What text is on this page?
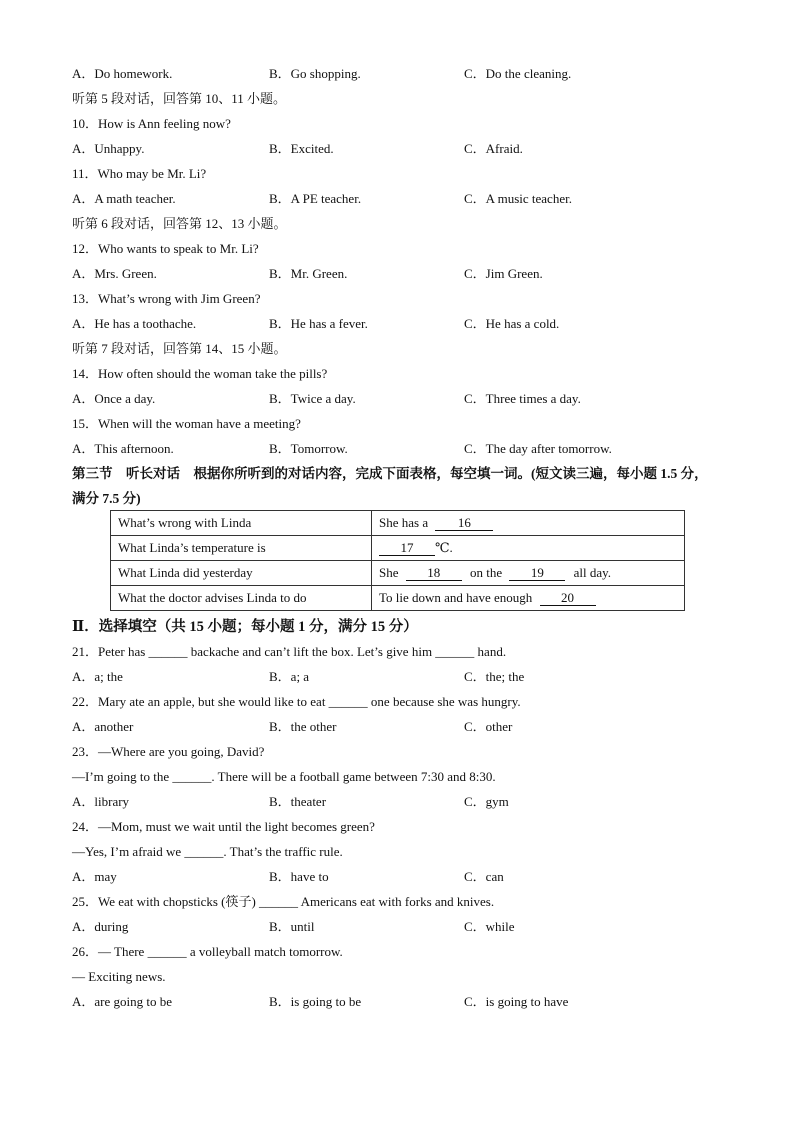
A．Do homework.	B．Go shopping.	C．Do the cleaning.
听第 5 段对话，回答第 10、11 小题。
10．How is Ann feeling now?
A．Unhappy.	B．Excited.	C．Afraid.
11．Who may be Mr. Li?
A．A math teacher.	B．A PE teacher.	C．A music teacher.
听第 6 段对话，回答第 12、13 小题。
12．Who wants to speak to Mr. Li?
A．Mrs. Green.	B．Mr. Green.	C．Jim Green.
13．What’s wrong with Jim Green?
A．He has a toothache.	B．He has a fever.	C．He has a cold.
听第 7 段对话，回答第 14、15 小题。
14．How often should the woman take the pills?
A．Once a day.	B．Twice a day.	C．Three times a day.
15．When will the woman have a meeting?
A．This afternoon.	B．Tomorrow.	C．The day after tomorrow.
第三节　听长对话　根据你所听到的对话内容，完成下面表格，每空填一词。(短文读三遍，每小题 1.5 分，
满分 7.5 分)
What’s wrong with Linda	She has a 16
What Linda’s temperature is	17 ℃.
What Linda did yesterday	She 18 on the 19 all day.
What the doctor advises Linda to do	To lie down and have enough 20
Ⅱ．选择填空（共 15 小题；每小题 1 分，满分 15 分）
21．Peter has ______ backache and can’t lift the box. Let’s give him ______ hand.
A．a; the	B．a; a	C．the; the
22．Mary ate an apple, but she would like to eat ______ one because she was hungry.
A．another	B．the other	C．other
23．—Where are you going, David?
—I’m going to the ______. There will be a football game between 7:30 and 8:30.
A．library	B．theater	C．gym
24．—Mom, must we wait until the light becomes green?
—Yes, I’m afraid we ______. That’s the traffic rule.
A．may	B．have to	C．can
25．We eat with chopsticks (筷子) ______ Americans eat with forks and knives.
A．during	B．until	C．while
26．— There ______ a volleyball match tomorrow.
— Exciting news.
A．are going to be	B．is going to be	C．is going to have
